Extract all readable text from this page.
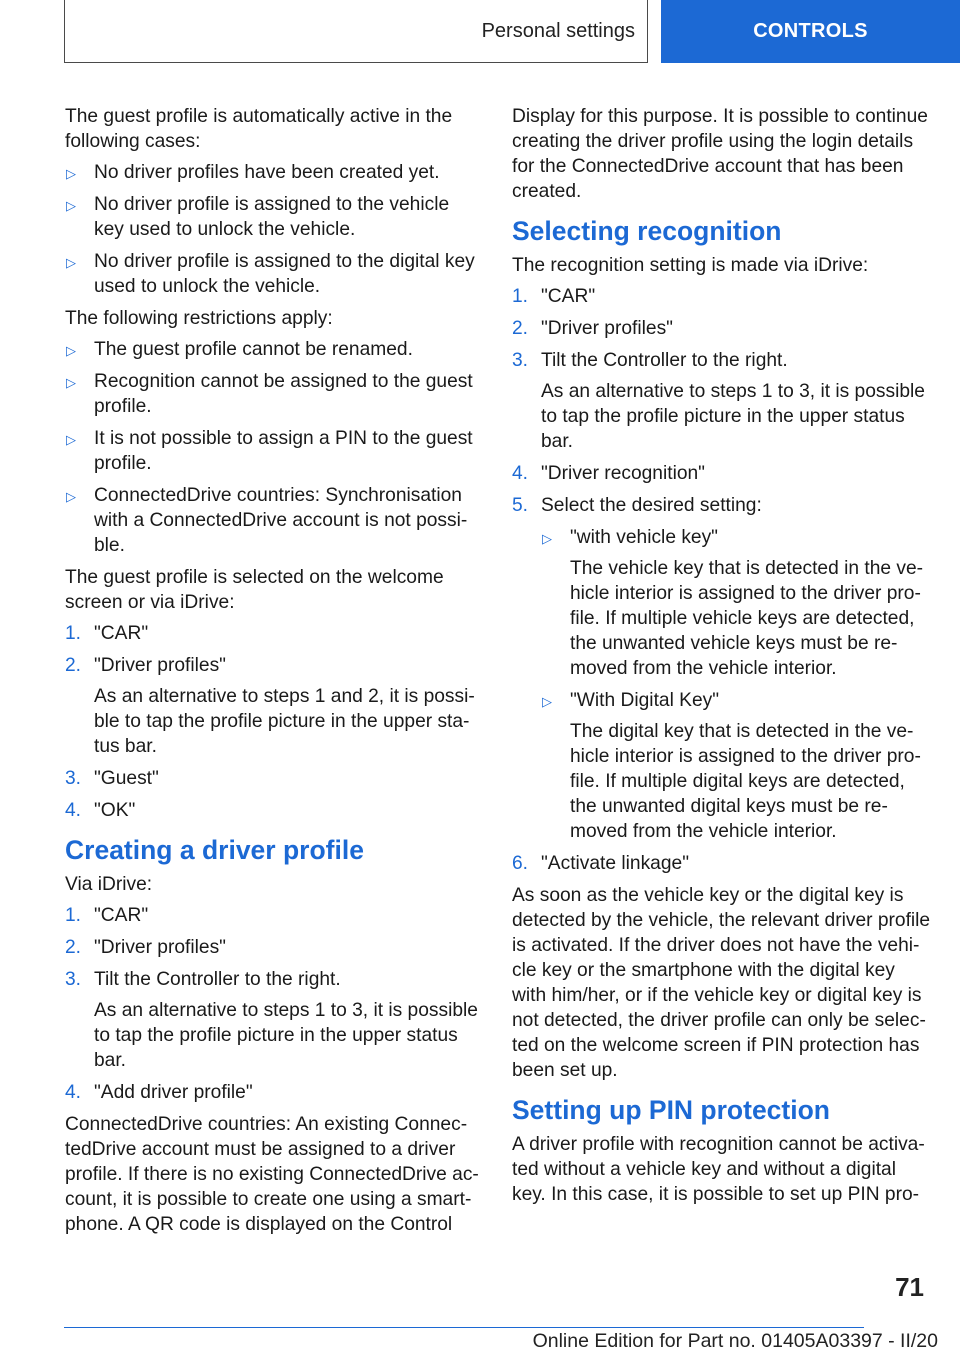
Personal settings	CONTROLS

The guest profile is automatically active in the following cases:

▷ No driver profiles have been created yet.
▷ No driver profile is assigned to the vehicle key used to unlock the vehicle.
▷ No driver profile is assigned to the digital key used to unlock the vehicle.

The following restrictions apply:

▷ The guest profile cannot be renamed.
▷ Recognition cannot be assigned to the guest profile.
▷ It is not possible to assign a PIN to the guest profile.
▷ ConnectedDrive countries: Synchronisation with a ConnectedDrive account is not possi-ble.

The guest profile is selected on the welcome screen or via iDrive:

1. "CAR"
2. "Driver profiles"

As an alternative to steps 1 and 2, it is possi-ble to tap the profile picture in the upper sta-tus bar.

3. "Guest"
4. "OK"
Creating a driver profile

Via iDrive:

1. "CAR"
2. "Driver profiles"
3. Tilt the Controller to the right.

As an alternative to steps 1 to 3, it is possible to tap the profile picture in the upper status bar.

4. "Add driver profile"

ConnectedDrive countries: An existing Connec-tedDrive account must be assigned to a driver profile. If there is no existing ConnectedDrive ac-count, it is possible to create one using a smart-phone. A QR code is displayed on the Control

Display for this purpose. It is possible to continue creating the driver profile using the login details for the ConnectedDrive account that has been created.

Selecting recognition

The recognition setting is made via iDrive:

1. "CAR"
2. "Driver profiles"
3. Tilt the Controller to the right.

As an alternative to steps 1 to 3, it is possible to tap the profile picture in the upper status bar.

4. "Driver recognition"
5. Select the desired setting:
▷ "with vehicle key"

The vehicle key that is detected in the ve-hicle interior is assigned to the driver pro-file. If multiple vehicle keys are detected, the unwanted vehicle keys must be re-moved from the vehicle interior.

▷ "With Digital Key"

The digital key that is detected in the ve-hicle interior is assigned to the driver pro-file. If multiple digital keys are detected, the unwanted digital keys must be re-moved from the vehicle interior.

6. "Activate linkage"

As soon as the vehicle key or the digital key is detected by the vehicle, the relevant driver profile is activated. If the driver does not have the vehi-cle key or the smartphone with the digital key with him/her, or if the vehicle key or digital key is not detected, the driver profile can only be selec-ted on the welcome screen if PIN protection has been set up.

Setting up PIN protection

A driver profile with recognition cannot be activa-ted without a vehicle key and without a digital key. In this case, it is possible to set up PIN pro-

71
Online Edition for Part no. 01405A03397 - II/20
